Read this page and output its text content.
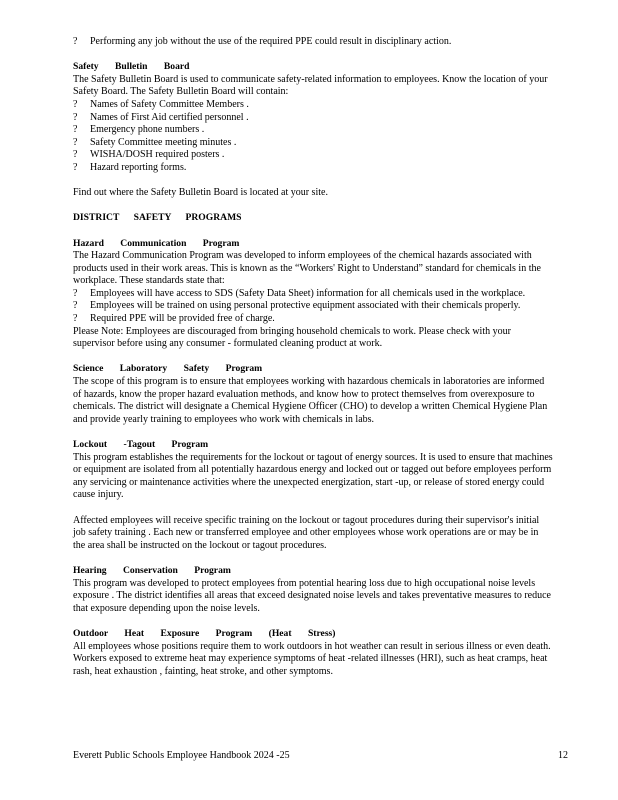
?	Performing any job without the use of the required PPE could result in disciplinary action.

Safety Bulletin Board

The Safety Bulletin Board is used to communicate safety-related information to employees. Know the location of your Safety Board. The Safety Bulletin Board will contain:

?	Names of Safety Committee Members .
?	Names of First Aid certified personnel .
?	Emergency phone numbers .
?	Safety Committee meeting minutes .
?	WISHA/DOSH required posters .
?	Hazard reporting forms.

Find out where the Safety Bulletin Board is located at your site.

DISTRICT SAFETY PROGRAMS

Hazard Communication Program

The Hazard Communication Program was developed to inform employees of the chemical hazards associated with products used in their work areas. This is known as the “Workers' Right to Understand” standard for chemicals in the workplace. These standards state that:

?	Employees will have access to SDS (Safety Data Sheet) information for all chemicals used in the workplace.
?	Employees will be trained on using personal protective equipment associated with their chemicals properly.
?	Required PPE will be provided free of charge.

Please Note: Employees are discouraged from bringing household chemicals to work. Please check with your supervisor before using any consumer - formulated cleaning product at work.

Science Laboratory Safety Program

The scope of this program is to ensure that employees working with hazardous chemicals in laboratories are informed of hazards, know the proper hazard evaluation methods, and know how to protect themselves from overexposure to chemicals. The district will designate a Chemical Hygiene Officer (CHO) to develop a written Chemical Hygiene Plan and provide yearly training to employees who work with chemicals in labs.

Lockout -Tagout Program

This program establishes the requirements for the lockout or tagout of energy sources. It is used to ensure that machines or equipment are isolated from all potentially hazardous energy and locked out or tagged out before employees perform any servicing or maintenance activities where the unexpected energization, start -up, or release of stored energy could cause injury.

Affected employees will receive specific training on the lockout or tagout procedures during their supervisor's initial job safety training . Each new or transferred employee and other employees whose work operations are or may be in the area shall be instructed on the lockout or tagout procedures.

Hearing Conservation Program

This program was developed to protect employees from potential hearing loss due to high occupational noise levels exposure . The district identifies all areas that exceed designated noise levels and takes preventative measures to reduce that exposure depending upon the noise levels.

Outdoor Heat Exposure Program (Heat Stress)

All employees whose positions require them to work outdoors in hot weather can result in serious illness or even death. Workers exposed to extreme heat may experience symptoms of heat -related illnesses (HRI), such as heat cramps, heat rash, heat exhaustion , fainting, heat stroke, and other symptoms.

Everett Public Schools Employee Handbook 2024 -25	12
